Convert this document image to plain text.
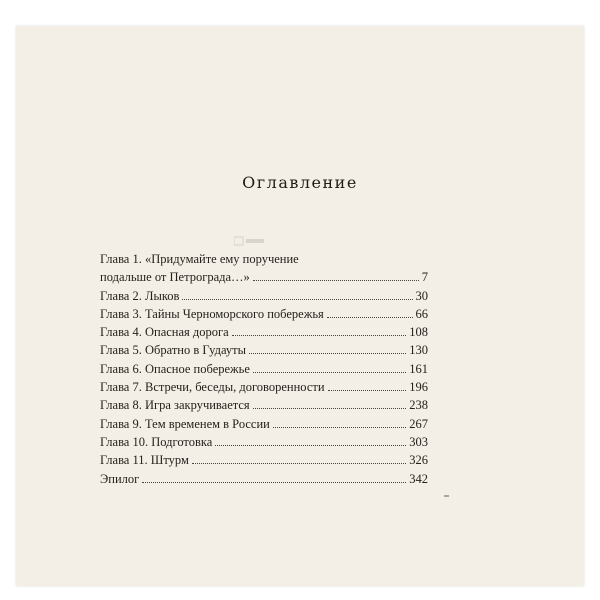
Оглавление
Глава 1. «Придумайте ему поручение
подальше от Петрограда…»	7
Глава 2. Лыков	30
Глава 3. Тайны Черноморского побережья	66
Глава 4. Опасная дорога	108
Глава 5. Обратно в Гудауты	130
Глава 6. Опасное побережье	161
Глава 7. Встречи, беседы, договоренности	196
Глава 8. Игра закручивается	238
Глава 9. Тем временем в России	267
Глава 10. Подготовка	303
Глава 11. Штурм	326
Эпилог	342
